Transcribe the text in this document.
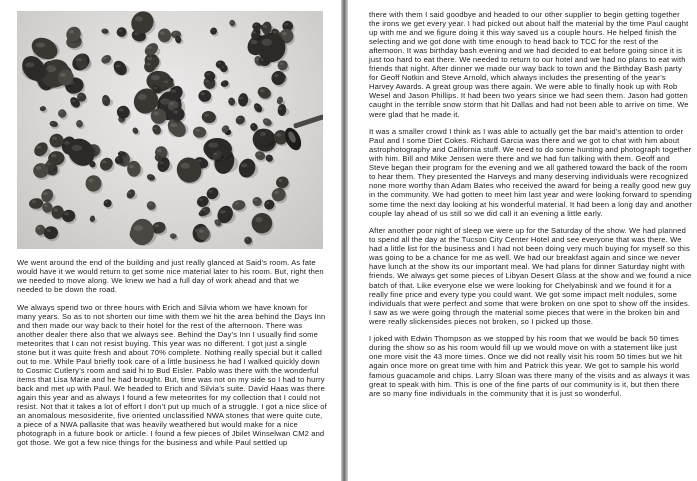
We went around the end of the building and just really glanced at Said’s room. As fate would have it we would return to get some nice material later to his room. But, right then we needed to move along. We knew we had a full day of work ahead and that we needed to be down the road.

We always spend two or three hours with Erich and Silvia whom we have known for many years. So as to not shorten our time with them we hit the area behind the Days Inn and then made our way back to their hotel for the rest of the afternoon. There was another dealer there also that we always see. Behind the Day’s Inn I usually find some meteorites that I can not resist buying. This year was no different. I got just a single stone but it was quite fresh and about 70% complete. Nothing really special but it called out to me. While Paul briefly took care of a little business he had I walked quickly down to Cosmic Cutlery’s room and said hi to Bud Eisler. Pablo was there with the wonderful items that Lisa Marie and he had brought. But, time was not on my side so I had to hurry back and met up with Paul. We headed to Erich and Silvia’s suite. David Haas was there again this year and as always I found a few meteorites for my collection that I could not resist. Not that it takes a lot of effort I don’t put up much of a struggle. I got a nice slice of an anomalous mesosiderite, five oriented unclassified NWA stones that were quite cute, a piece of a NWA pallasite that was heavily weathered but would make for a nice photograph in a future book or article. I found a few pieces of Jbilet Winselwan CM2 and got those. We got a few nice things for the business and while Paul settled up

there with them I said goodbye and headed to our other supplier to begin getting together the irons we get every year. I had picked out about half the material by the time Paul caught up with me and we figure doing it this way saved us a couple hours. He helped finish the selecting and we got done with time enough to head back to TCC for the rest of the afternoon. It was birthday bash evening and we had decided to eat before going since it is just too hard to eat there. We needed to return to our hotel and we had no plans to eat with friends that night. After dinner we made our way back to town and the Birthday Bash party for Geoff Notkin and Steve Arnold, which always includes the presenting of the year’s Harvey Awards. A great group was there again. We were able to finally hook up with Rob Wesel and Jason Phillips. It had been two years since we had seen them. Jason had gotten caught in the terrible snow storm that hit Dallas and had not been able to arrive on time. We were glad that he made it.

It was a smaller crowd I think as I was able to actually get the bar maid’s attention to order Paul and I some Diet Cokes. Richard Garcia was there and we got to chat with him about astrophotography and California stuff. We need to do some hunting and photograph together with him. Bill and Mike Jensen were there and we had fun talking with them. Geoff and Steve began their program for the evening and we all gathered toward the back of the room to hear them. They presented the Harveys and many deserving individuals were recognized none more worthy than Adam Bates who received the award for being a really good new guy in the community. We had gotten to meet him last year and were looking forward to spending some time the next day looking at his wonderful material. It had been a long day and another couple lay ahead of us still so we did call it an evening a little early.

After another poor night of sleep we were up for the Saturday of the show. We had planned to spend all the day at the Tucson City Center Hotel and see everyone that was there. We had a little list for the business and I had not been doing very much buying for myself so this was going to be a chance for me as well. We had our breakfast again and since we never have lunch at the show its our important meal. We had plans for dinner Saturday night with friends. We always get some pieces of Libyan Desert Glass at the show and we found a nice batch of that. Like everyone else we were looking for Chelyabinsk and we found it for a really fine price and every type you could want. We got some impact melt nodules, some individuals that were perfect and some that were broken on one spot to show off the insides. I saw as we were going through the material some pieces that were in the broken bin and were really slickensides pieces not broken, so I picked up those.

I joked with Edwin Thompson as we stopped by his room that we would be back 50 times during the show so as his room would fill up we would move on with a statement like just one more visit the 43 more times. Once we did not really visit his room 50 times but we hit again once more on great time with him and Patrick this year. We got to sample his world famous guacamole and chips. Larry Sloan was there many of the visits and as always it was great to speak with him. This is one of the fine parts of our community is it, but then there are so many fine individuals in the community that it is just so wonderful.
